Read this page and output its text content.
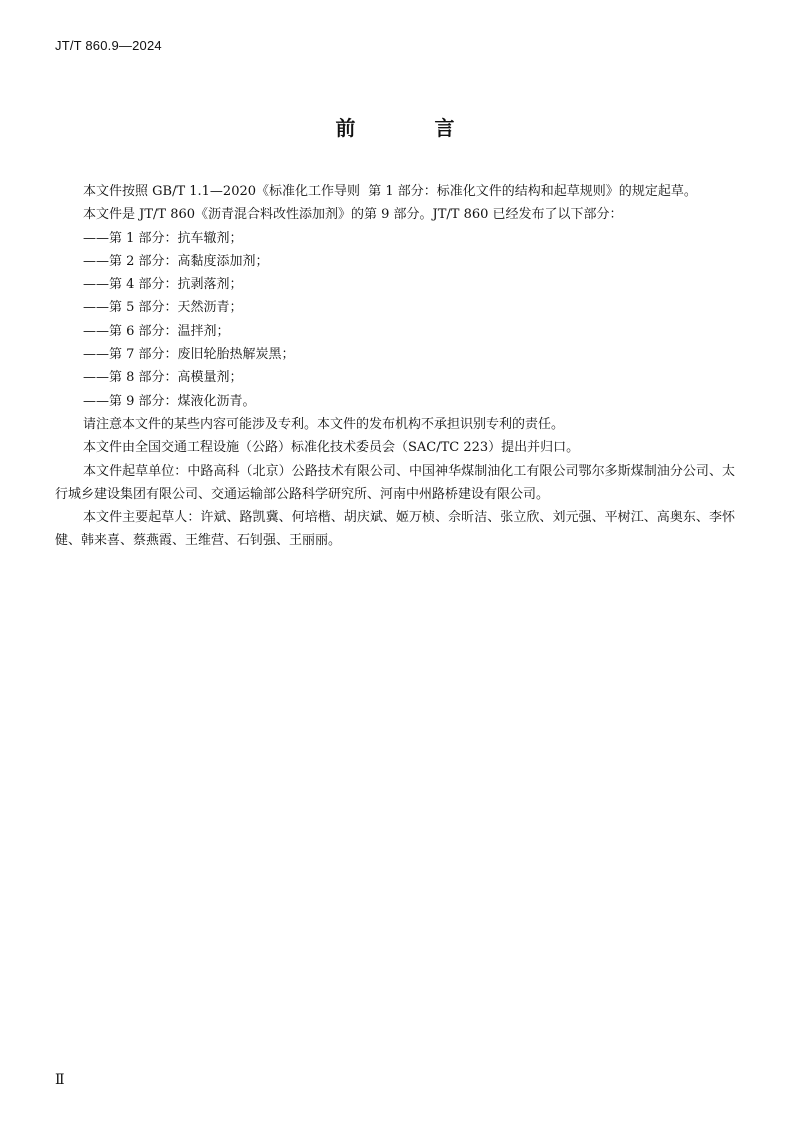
JT/T 860.9—2024
前 言

本文件按照 GB/T 1.1—2020《标准化工作导则  第 1 部分：标准化文件的结构和起草规则》的规定起草。

本文件是 JT/T 860《沥青混合料改性添加剂》的第 9 部分。JT/T 860 已经发布了以下部分：

——第 1 部分：抗车辙剂；

——第 2 部分：高黏度添加剂；

——第 4 部分：抗剥落剂；

——第 5 部分：天然沥青；

——第 6 部分：温拌剂；

——第 7 部分：废旧轮胎热解炭黑；

——第 8 部分：高模量剂；

——第 9 部分：煤液化沥青。

请注意本文件的某些内容可能涉及专利。本文件的发布机构不承担识别专利的责任。

本文件由全国交通工程设施（公路）标准化技术委员会（SAC/TC 223）提出并归口。

本文件起草单位：中路高科（北京）公路技术有限公司、中国神华煤制油化工有限公司鄂尔多斯煤制油分公司、太行城乡建设集团有限公司、交通运输部公路科学研究所、河南中州路桥建设有限公司。

本文件主要起草人：许斌、路凯冀、何培楷、胡庆斌、姬万桢、佘昕洁、张立欣、刘元强、平树江、高奥东、李怀健、韩来喜、蔡燕霞、王维营、石钊强、王丽丽。

Ⅱ
